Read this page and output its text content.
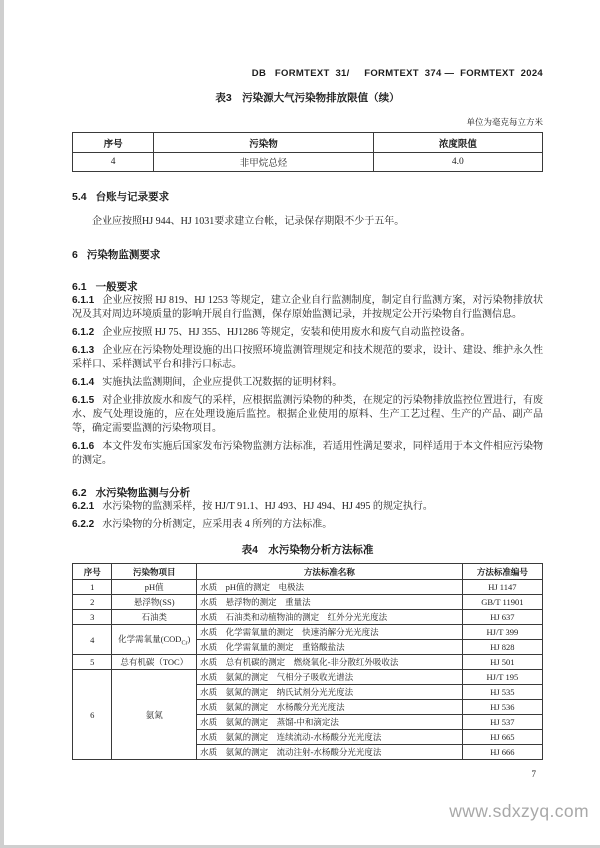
DB   FORMTEXT  31/     FORMTEXT  374 —  FORMTEXT  2024
表3　污染源大气污染物排放限值（续）
单位为毫克每立方米
序号	污染物	浓度限值
4	非甲烷总烃	4.0
5.4 台账与记录要求
企业应按照HJ 944、HJ 1031要求建立台帐，记录保存期限不少于五年。
6 污染物监测要求
6.1 一般要求
6.1.1 企业应按照 HJ 819、HJ 1253 等规定，建立企业自行监测制度，制定自行监测方案，对污染物排放状况及其对周边环境质量的影响开展自行监测，保存原始监测记录，并按规定公开污染物自行监测信息。
6.1.2 企业应按照 HJ 75、HJ 355、HJ1286 等规定，安装和使用废水和废气自动监控设备。
6.1.3 企业应在污染物处理设施的出口按照环境监测管理规定和技术规范的要求，设计、建设、维护永久性采样口、采样测试平台和排污口标志。
6.1.4 实施执法监测期间，企业应提供工况数据的证明材料。
6.1.5 对企业排放废水和废气的采样，应根据监测污染物的种类，在规定的污染物排放监控位置进行，有废水、废气处理设施的，应在处理设施后监控。根据企业使用的原料、生产工艺过程、生产的产品、副产品等，确定需要监测的污染物项目。
6.1.6 本文件发布实施后国家发布污染物监测方法标准，若适用性满足要求，同样适用于本文件相应污染物的测定。
6.2 水污染物监测与分析
6.2.1 水污染物的监测采样，按 HJ/T 91.1、HJ 493、HJ 494、HJ 495 的规定执行。
6.2.2 水污染物的分析测定，应采用表 4 所列的方法标准。
表4　水污染物分析方法标准
序号	污染物项目	方法标准名称	方法标准编号
1	pH值	水质　pH值的测定　电极法	HJ 1147
2	悬浮物(SS)	水质　悬浮物的测定　重量法	GB/T 11901
3	石油类	水质　石油类和动植物油的测定　红外分光光度法	HJ 637
4	化学需氧量$(COD_{Cr})$	水质　化学需氧量的测定　快速消解分光光度法	HJ/T 399
		水质　化学需氧量的测定　重铬酸盐法	HJ 828
5	总有机碳（TOC）	水质　总有机碳的测定　燃烧氧化-非分散红外吸收法	HJ 501
6	氨氮	水质　氨氮的测定　气相分子吸收光谱法	HJ/T 195
		水质　氨氮的测定　纳氏试剂分光光度法	HJ 535
		水质　氨氮的测定　水杨酸分光光度法	HJ 536
		水质　氨氮的测定　蒸馏-中和滴定法	HJ 537
		水质　氨氮的测定　连续流动-水杨酸分光光度法	HJ 665
		水质　氨氮的测定　流动注射-水杨酸分光光度法	HJ 666
7
www.sdxzyq.com
